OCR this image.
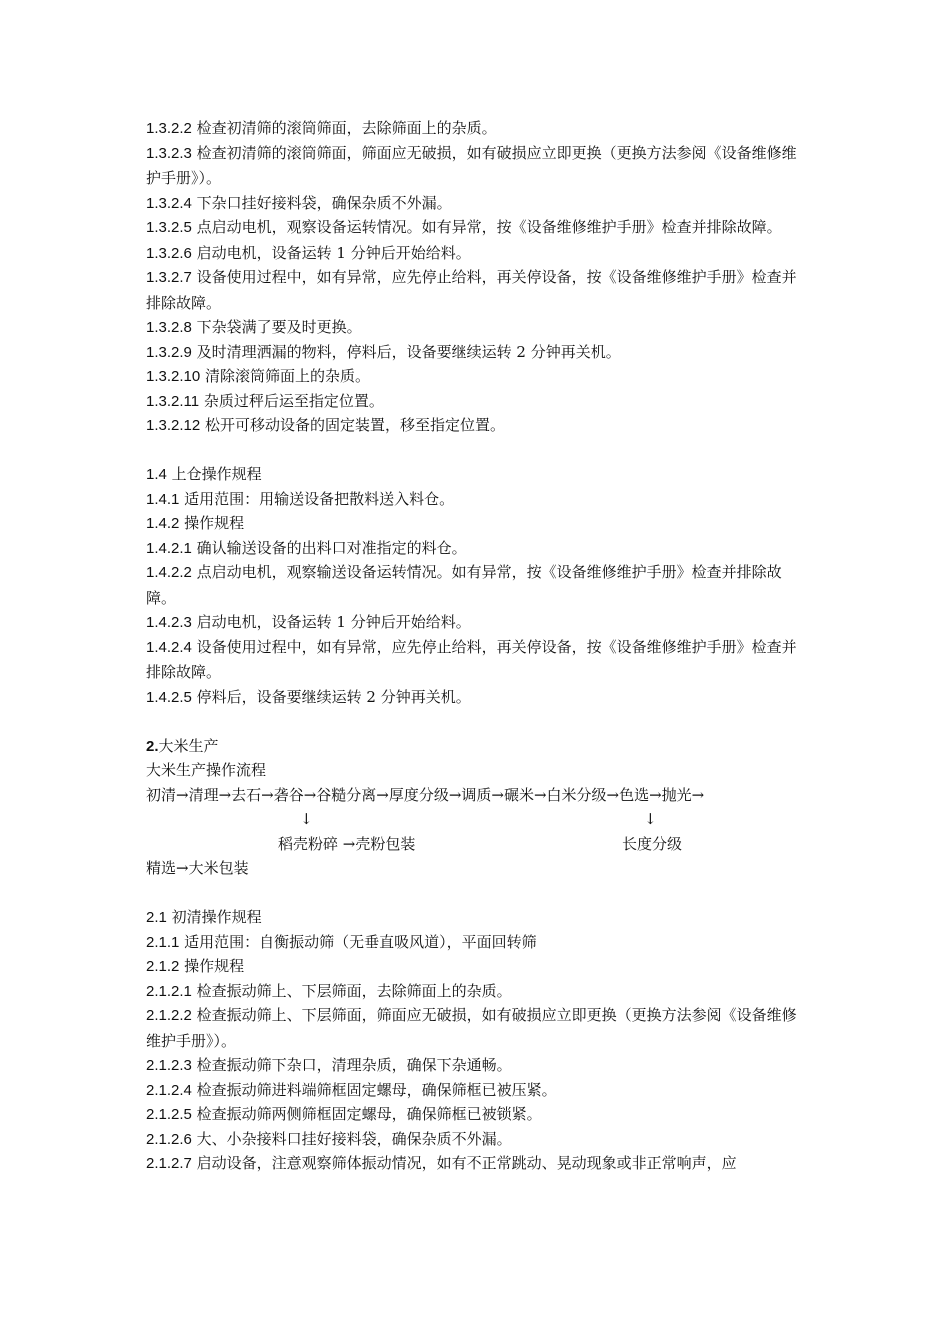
1.3.2.2 检查初清筛的滚筒筛面，去除筛面上的杂质。
1.3.2.3 检查初清筛的滚筒筛面，筛面应无破损，如有破损应立即更换（更换方法参阅《设备维修维护手册》）。
1.3.2.4 下杂口挂好接料袋，确保杂质不外漏。
1.3.2.5 点启动电机，观察设备运转情况。如有异常，按《设备维修维护手册》检查并排除故障。
1.3.2.6 启动电机，设备运转 1 分钟后开始给料。
1.3.2.7 设备使用过程中，如有异常，应先停止给料，再关停设备，按《设备维修维护手册》检查并排除故障。
1.3.2.8 下杂袋满了要及时更换。
1.3.2.9 及时清理洒漏的物料，停料后，设备要继续运转 2 分钟再关机。
1.3.2.10 清除滚筒筛面上的杂质。
1.3.2.11 杂质过秤后运至指定位置。
1.3.2.12 松开可移动设备的固定装置，移至指定位置。
1.4 上仓操作规程
1.4.1 适用范围：用输送设备把散料送入料仓。
1.4.2 操作规程
1.4.2.1 确认输送设备的出料口对准指定的料仓。
1.4.2.2 点启动电机，观察输送设备运转情况。如有异常，按《设备维修维护手册》检查并排除故障。
1.4.2.3 启动电机，设备运转 1 分钟后开始给料。
1.4.2.4 设备使用过程中，如有异常，应先停止给料，再关停设备，按《设备维修维护手册》检查并排除故障。
1.4.2.5 停料后，设备要继续运转 2 分钟再关机。
2.大米生产
大米生产操作流程
初清→清理→去石→砻谷→谷糙分离→厚度分级→调质→碾米→白米分级→色选→抛光→
↓	↓
稻壳粉碎 →壳粉包装	长度分级
精选→大米包装
2.1 初清操作规程
2.1.1 适用范围：自衡振动筛（无垂直吸风道），平面回转筛
2.1.2 操作规程
2.1.2.1 检查振动筛上、下层筛面，去除筛面上的杂质。
2.1.2.2 检查振动筛上、下层筛面，筛面应无破损，如有破损应立即更换（更换方法参阅《设备维修维护手册》）。
2.1.2.3 检查振动筛下杂口，清理杂质，确保下杂通畅。
2.1.2.4 检查振动筛进料端筛框固定螺母，确保筛框已被压紧。
2.1.2.5 检查振动筛两侧筛框固定螺母，确保筛框已被锁紧。
2.1.2.6 大、小杂接料口挂好接料袋，确保杂质不外漏。
2.1.2.7 启动设备，注意观察筛体振动情况，如有不正常跳动、晃动现象或非正常响声，应
